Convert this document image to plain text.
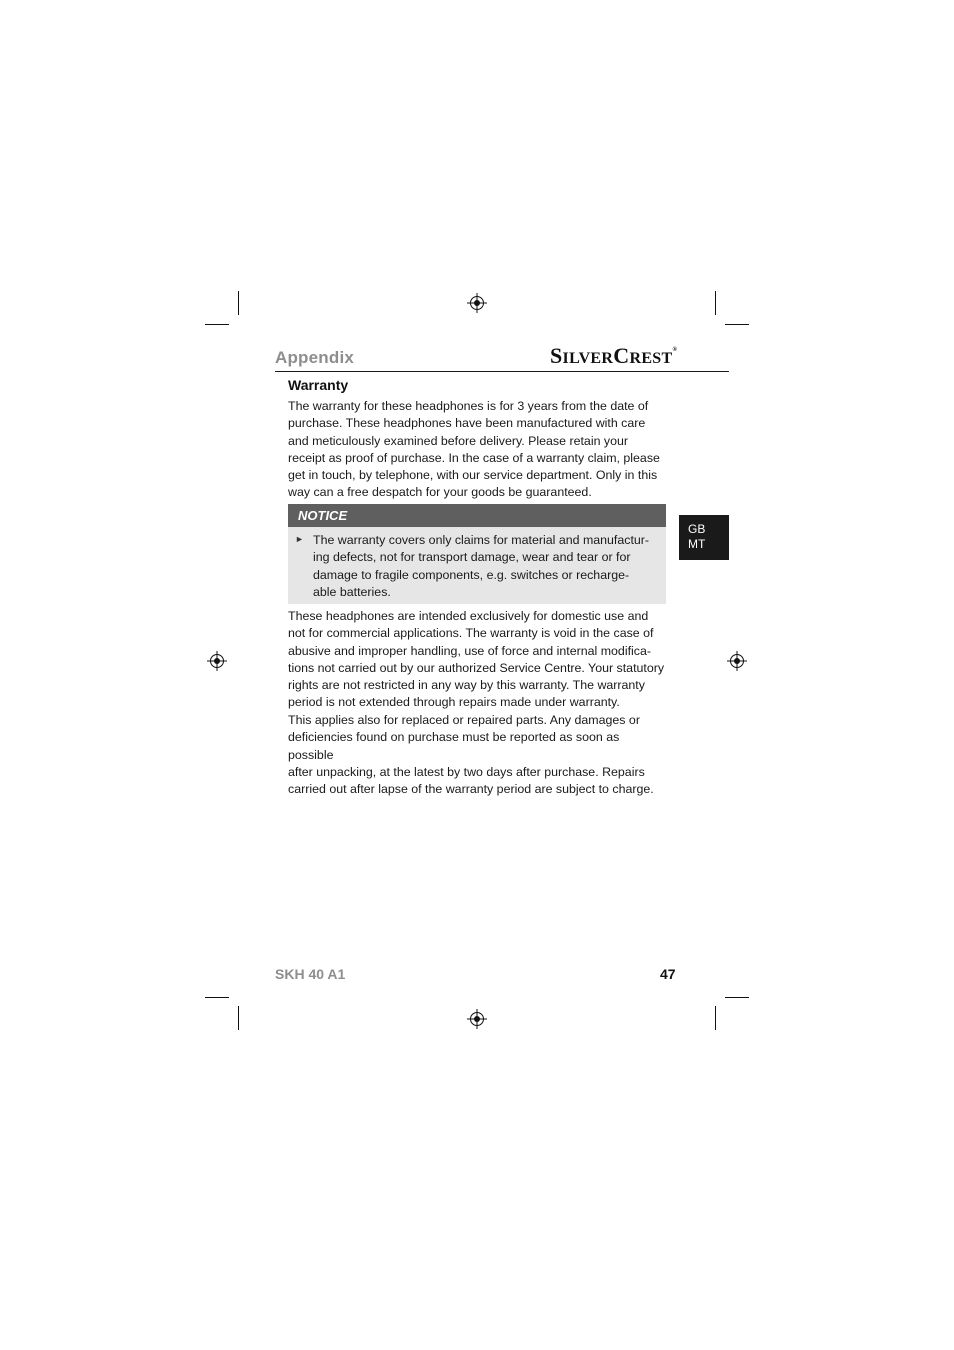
Appendix	SILVERCREST®
Warranty

The warranty for these headphones is for 3 years from the date of
purchase. These headphones have been manufactured with care
and meticulously examined before delivery. Please retain your
receipt as proof of purchase. In the case of a warranty claim, please
get in touch, by telephone, with our service department. Only in this
way can a free despatch for your goods be guaranteed.

NOTICE
► The warranty covers only claims for material and manufactur-
ing defects, not for transport damage, wear and tear or for
damage to fragile components, e.g. switches or recharge-
able batteries.

These headphones are intended exclusively for domestic use and
not for commercial applications. The warranty is void in the case of
abusive and improper handling, use of force and internal modifica-
tions not carried out by our authorized Service Centre. Your statutory
rights are not restricted in any way by this warranty. The warranty
period is not extended through repairs made under warranty.

This applies also for replaced or repaired parts. Any damages or
deficiencies found on purchase must be reported as soon as possible
after unpacking, at the latest by two days after purchase. Repairs
carried out after lapse of the warranty period are subject to charge.

GB
MT
SKH 40 A1	47
